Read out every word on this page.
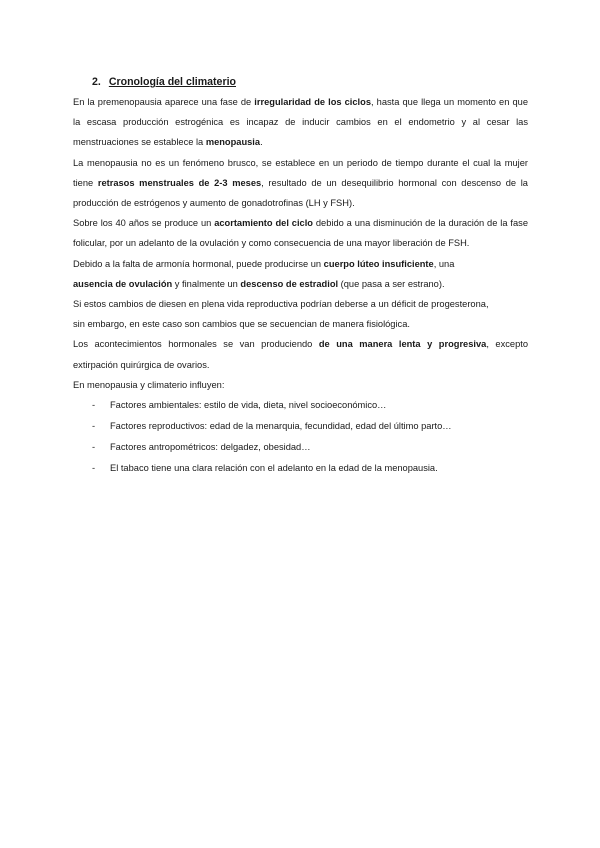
2. Cronología del climaterio

En la premenopausia aparece una fase de irregularidad de los ciclos, hasta que llega un momento en que la escasa producción estrogénica es incapaz de inducir cambios en el endometrio y al cesar las menstruaciones se establece la menopausia.

La menopausia no es un fenómeno brusco, se establece en un periodo de tiempo durante el cual la mujer tiene retrasos menstruales de 2-3 meses, resultado de un desequilibrio hormonal con descenso de la producción de estrógenos y aumento de gonadotrofinas (LH y FSH).

Sobre los 40 años se produce un acortamiento del ciclo debido a una disminución de la duración de la fase folicular, por un adelanto de la ovulación y como consecuencia de una mayor liberación de FSH.

Debido a la falta de armonía hormonal, puede producirse un cuerpo lúteo insuficiente, una
ausencia de ovulación y finalmente un descenso de estradiol (que pasa a ser estrano).

Si estos cambios de diesen en plena vida reproductiva podrían deberse a un déficit de progesterona,
sin embargo, en este caso son cambios que se secuencian de manera fisiológica.

Los acontecimientos hormonales se van produciendo de una manera lenta y progresiva, excepto extirpación quirúrgica de ovarios.

En menopausia y climaterio influyen:

-	Factores ambientales: estilo de vida, dieta, nivel socioeconómico…
-	Factores reproductivos: edad de la menarquia, fecundidad, edad del último parto…
-	Factores antropométricos: delgadez, obesidad…
-	El tabaco tiene una clara relación con el adelanto en la edad de la menopausia.
